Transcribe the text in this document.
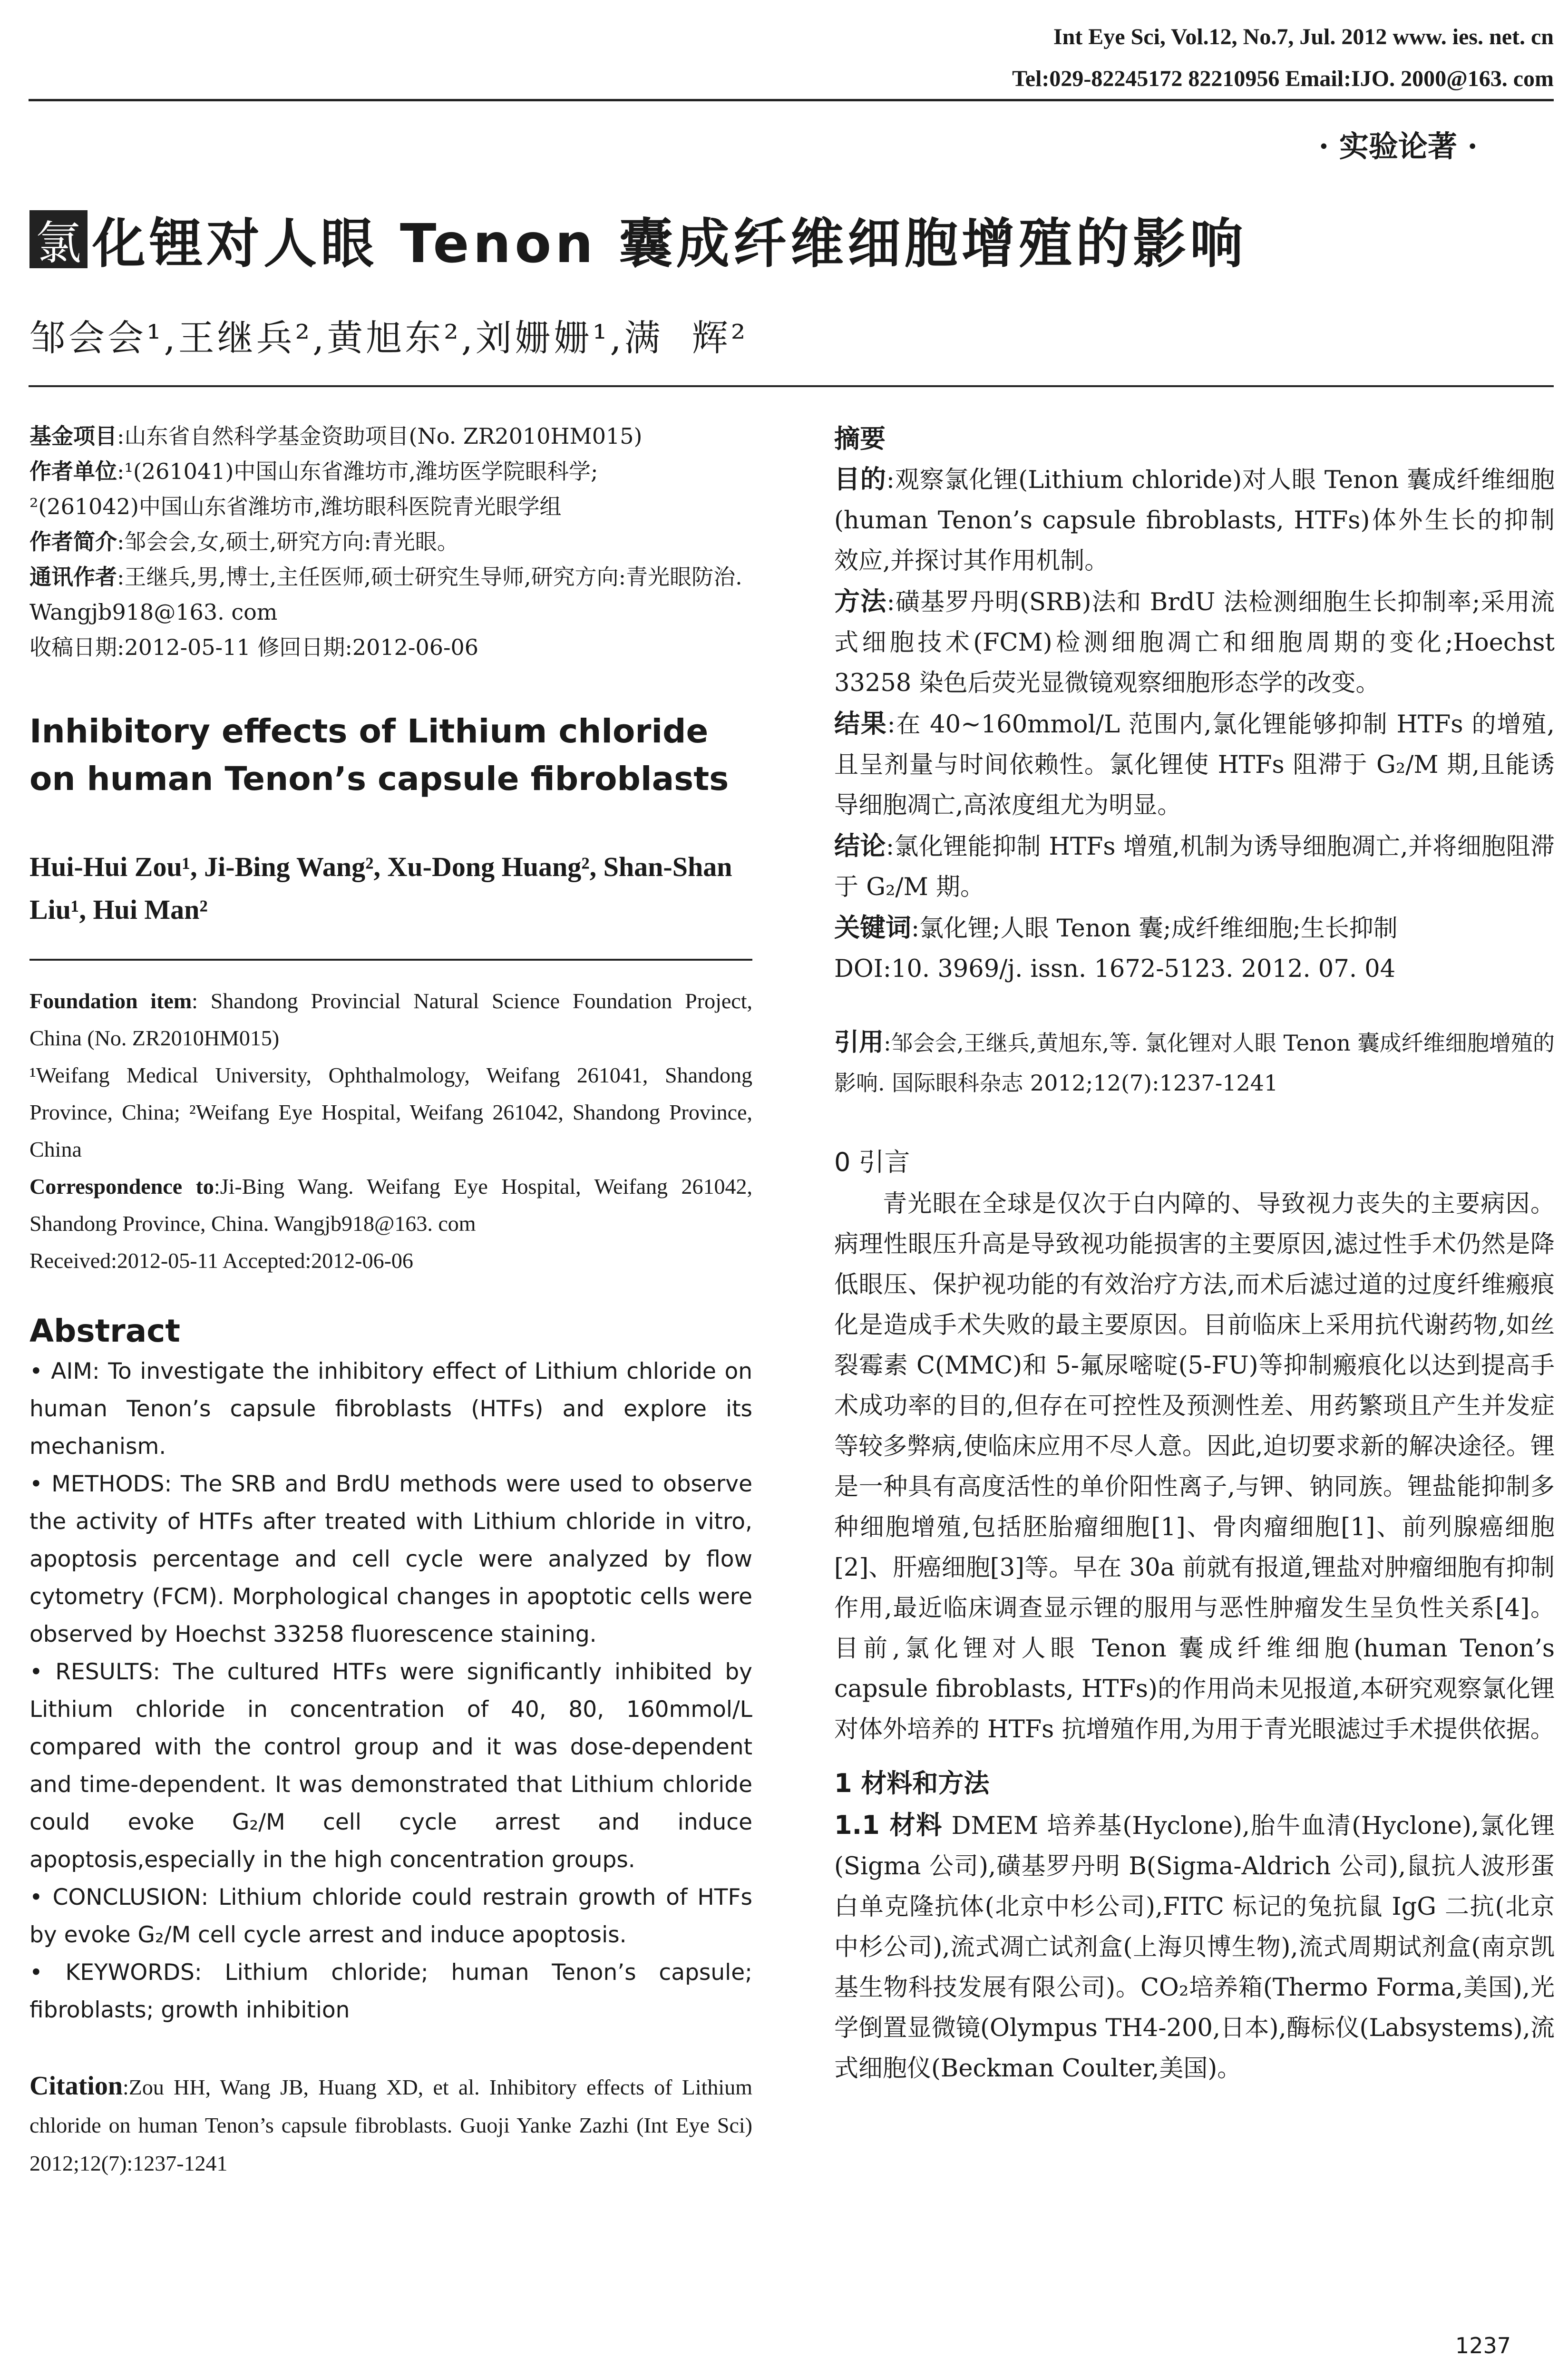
Int Eye Sci, Vol.12, No.7, Jul. 2012 www. ies. net. cn
Tel:029-82245172 82210956 Email:IJO. 2000@163. com
· 实验论著 ·
氯 化锂对人眼 Tenon 囊成纤维细胞增殖的影响
邹会会¹,王继兵²,黄旭东²,刘姗姗¹,满  辉²

基金项目:山东省自然科学基金资助项目(No. ZR2010HM015)

作者单位:¹(261041)中国山东省潍坊市,潍坊医学院眼科学;

²(261042)中国山东省潍坊市,潍坊眼科医院青光眼学组

作者简介:邹会会,女,硕士,研究方向:青光眼。

通讯作者:王继兵,男,博士,主任医师,硕士研究生导师,研究方向:青光眼防治. Wangjb918@163. com

收稿日期:2012-05-11 修回日期:2012-06-06

Inhibitory effects of Lithium chloride on human Tenon’s capsule fibroblasts
Hui-Hui Zou¹, Ji-Bing Wang², Xu-Dong Huang², Shan-Shan Liu¹, Hui Man²

Foundation item: Shandong Provincial Natural Science Foundation Project, China (No. ZR2010HM015)

¹Weifang Medical University, Ophthalmology, Weifang 261041, Shandong Province, China; ²Weifang Eye Hospital, Weifang 261042, Shandong Province, China

Correspondence to:Ji-Bing Wang. Weifang Eye Hospital, Weifang 261042, Shandong Province, China. Wangjb918@163. com

Received:2012-05-11 Accepted:2012-06-06

Abstract

• AIM: To investigate the inhibitory effect of Lithium chloride on human Tenon’s capsule fibroblasts (HTFs) and explore its mechanism.

• METHODS: The SRB and BrdU methods were used to observe the activity of HTFs after treated with Lithium chloride in vitro, apoptosis percentage and cell cycle were analyzed by flow cytometry (FCM). Morphological changes in apoptotic cells were observed by Hoechst 33258 fluorescence staining.

• RESULTS: The cultured HTFs were significantly inhibited by Lithium chloride in concentration of 40, 80, 160mmol/L compared with the control group and it was dose-dependent and time-dependent. It was demonstrated that Lithium chloride could evoke G₂/M cell cycle arrest and induce apoptosis,especially in the high concentration groups.

• CONCLUSION: Lithium chloride could restrain growth of HTFs by evoke G₂/M cell cycle arrest and induce apoptosis.

• KEYWORDS: Lithium chloride; human Tenon’s capsule; fibroblasts; growth inhibition

Citation:Zou HH, Wang JB, Huang XD, et al. Inhibitory effects of Lithium chloride on human Tenon’s capsule fibroblasts. Guoji Yanke Zazhi (Int Eye Sci) 2012;12(7):1237-1241
摘要

目的:观察氯化锂(Lithium chloride)对人眼 Tenon 囊成纤维细胞(human Tenon’s capsule fibroblasts, HTFs)体外生长的抑制效应,并探讨其作用机制。

方法:磺基罗丹明(SRB)法和 BrdU 法检测细胞生长抑制率;采用流式细胞技术(FCM)检测细胞凋亡和细胞周期的变化;Hoechst 33258 染色后荧光显微镜观察细胞形态学的改变。

结果:在 40~160mmol/L 范围内,氯化锂能够抑制 HTFs 的增殖,且呈剂量与时间依赖性。氯化锂使 HTFs 阻滞于 G₂/M 期,且能诱导细胞凋亡,高浓度组尤为明显。

结论:氯化锂能抑制 HTFs 增殖,机制为诱导细胞凋亡,并将细胞阻滞于 G₂/M 期。

关键词:氯化锂;人眼 Tenon 囊;成纤维细胞;生长抑制

DOI:10. 3969/j. issn. 1672-5123. 2012. 07. 04

引用:邹会会,王继兵,黄旭东,等. 氯化锂对人眼 Tenon 囊成纤维细胞增殖的影响. 国际眼科杂志 2012;12(7):1237-1241
0 引言
青光眼在全球是仅次于白内障的、导致视力丧失的主要病因。病理性眼压升高是导致视功能损害的主要原因,滤过性手术仍然是降低眼压、保护视功能的有效治疗方法,而术后滤过道的过度纤维瘢痕化是造成手术失败的最主要原因。目前临床上采用抗代谢药物,如丝裂霉素 C(MMC)和 5-氟尿嘧啶(5-FU)等抑制瘢痕化以达到提高手术成功率的目的,但存在可控性及预测性差、用药繁琐且产生并发症等较多弊病,使临床应用不尽人意。因此,迫切要求新的解决途径。锂是一种具有高度活性的单价阳性离子,与钾、钠同族。锂盐能抑制多种细胞增殖,包括胚胎瘤细胞[1]、骨肉瘤细胞[1]、前列腺癌细胞[2]、肝癌细胞[3]等。早在 30a 前就有报道,锂盐对肿瘤细胞有抑制作用,最近临床调查显示锂的服用与恶性肿瘤发生呈负性关系[4]。目前,氯化锂对人眼 Tenon 囊成纤维细胞(human Tenon’s capsule fibroblasts, HTFs)的作用尚未见报道,本研究观察氯化锂对体外培养的 HTFs 抗增殖作用,为用于青光眼滤过手术提供依据。
1 材料和方法
1.1 材料 DMEM 培养基(Hyclone),胎牛血清(Hyclone),氯化锂(Sigma 公司),磺基罗丹明 B(Sigma-Aldrich 公司),鼠抗人波形蛋白单克隆抗体(北京中杉公司),FITC 标记的兔抗鼠 IgG 二抗(北京中杉公司),流式凋亡试剂盒(上海贝博生物),流式周期试剂盒(南京凯基生物科技发展有限公司)。CO₂培养箱(Thermo Forma,美国),光学倒置显微镜(Olympus TH4-200,日本),酶标仪(Labsystems),流式细胞仪(Beckman Coulter,美国)。
1237
